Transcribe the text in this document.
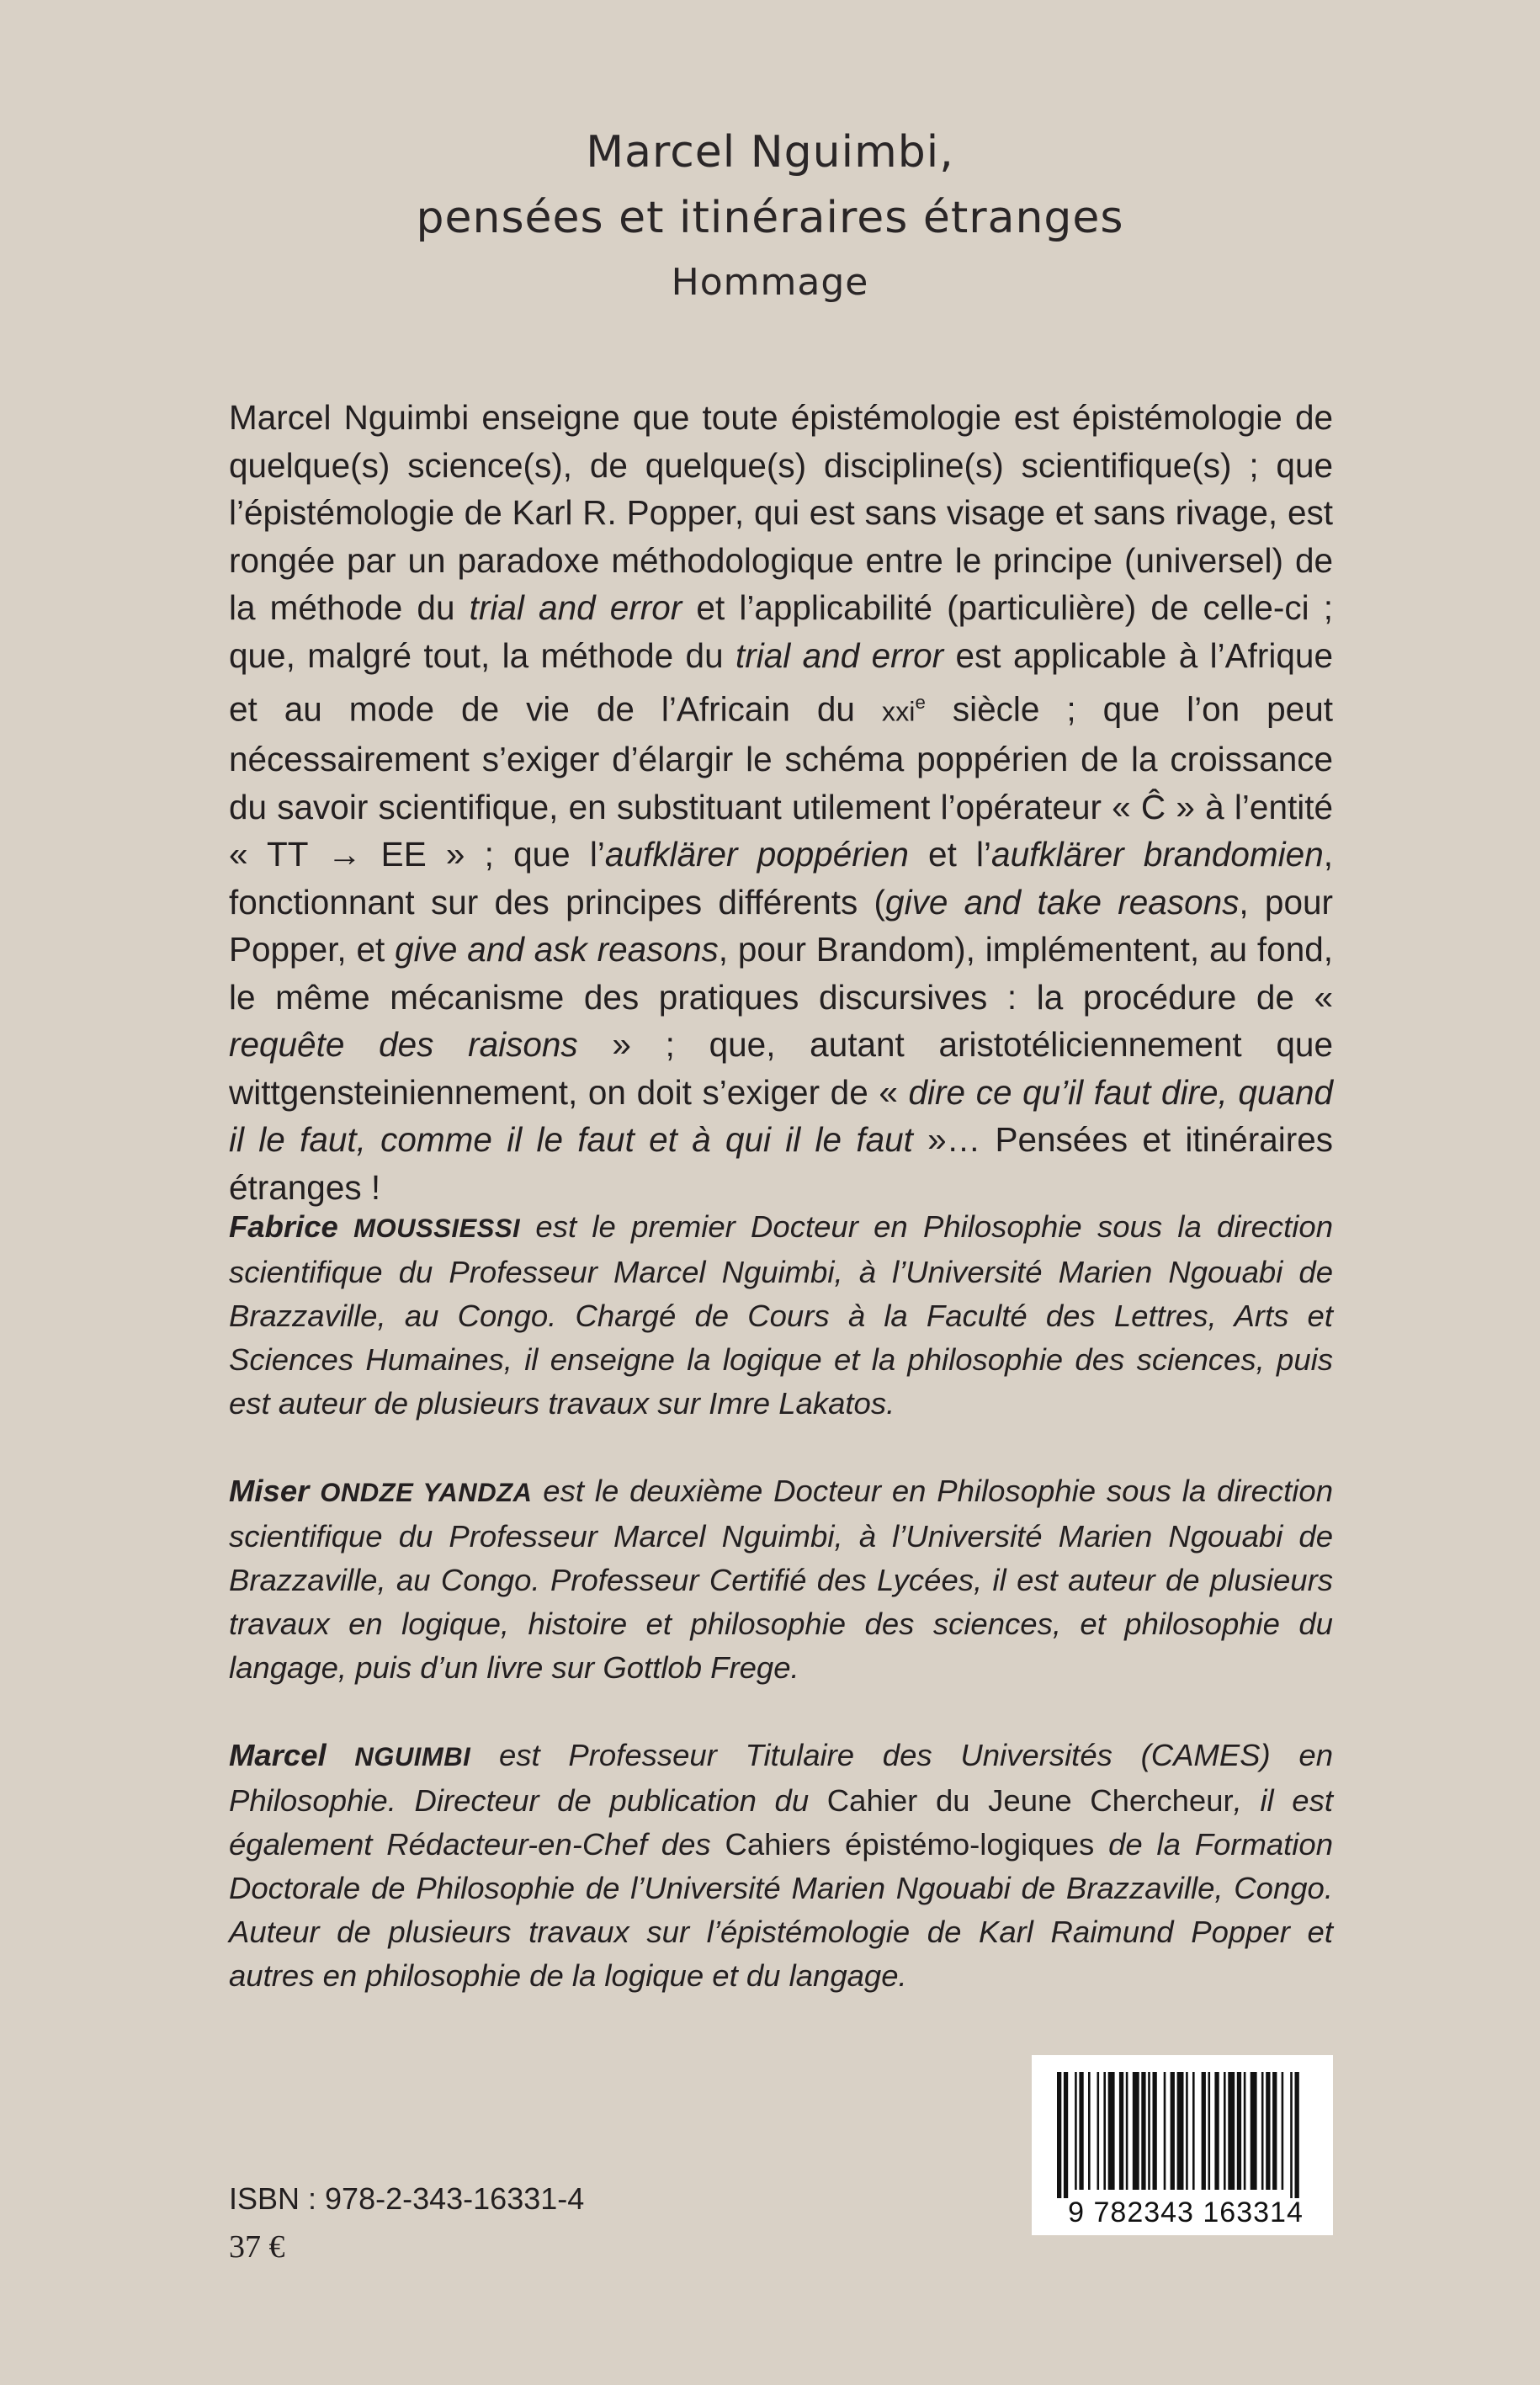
Marcel Nguimbi,
pensées et itinéraires étranges
Hommage

Marcel Nguimbi enseigne que toute épistémologie est épistémologie de quelque(s) science(s), de quelque(s) discipline(s) scientifique(s) ; que l’épistémologie de Karl R. Popper, qui est sans visage et sans rivage, est rongée par un paradoxe méthodologique entre le principe (universel) de la méthode du trial and error et l’applicabilité (particulière) de celle-ci ; que, malgré tout, la méthode du trial and error est applicable à l’Afrique et au mode de vie de l’Africain du xxi$^e$ siècle ; que l’on peut nécessairement s’exiger d’élargir le schéma poppérien de la croissance du savoir scientifique, en substituant utilement l’opérateur « Ĉ » à l’entité « TT → EE » ; que l’aufklärer poppérien et l’aufklärer brandomien, fonctionnant sur des principes différents (give and take reasons, pour Popper, et give and ask reasons, pour Brandom), implémentent, au fond, le même mécanisme des pratiques discursives : la procédure de « requête des raisons » ; que, autant aristotéliciennement que wittgensteiniennement, on doit s’exiger de « dire ce qu’il faut dire, quand il le faut, comme il le faut et à qui il le faut »… Pensées et itinéraires étranges !

Fabrice MOUSSIESSI est le premier Docteur en Philosophie sous la direction scientifique du Professeur Marcel Nguimbi, à l’Université Marien Ngouabi de Brazzaville, au Congo. Chargé de Cours à la Faculté des Lettres, Arts et Sciences Humaines, il enseigne la logique et la philosophie des sciences, puis est auteur de plusieurs travaux sur Imre Lakatos.

Miser ONDZE YANDZA est le deuxième Docteur en Philosophie sous la direction scientifique du Professeur Marcel Nguimbi, à l’Université Marien Ngouabi de Brazzaville, au Congo. Professeur Certifié des Lycées, il est auteur de plusieurs travaux en logique, histoire et philosophie des sciences, et philosophie du langage, puis d’un livre sur Gottlob Frege.

Marcel NGUIMBI est Professeur Titulaire des Universités (CAMES) en Philosophie. Directeur de publication du Cahier du Jeune Chercheur, il est également Rédacteur-en-Chef des Cahiers épistémo-logiques de la Formation Doctorale de Philosophie de l’Université Marien Ngouabi de Brazzaville, Congo. Auteur de plusieurs travaux sur l’épistémologie de Karl Raimund Popper et autres en philosophie de la logique et du langage.

ISBN : 978-2-343-16331-4
37 €
9 782343 163314
